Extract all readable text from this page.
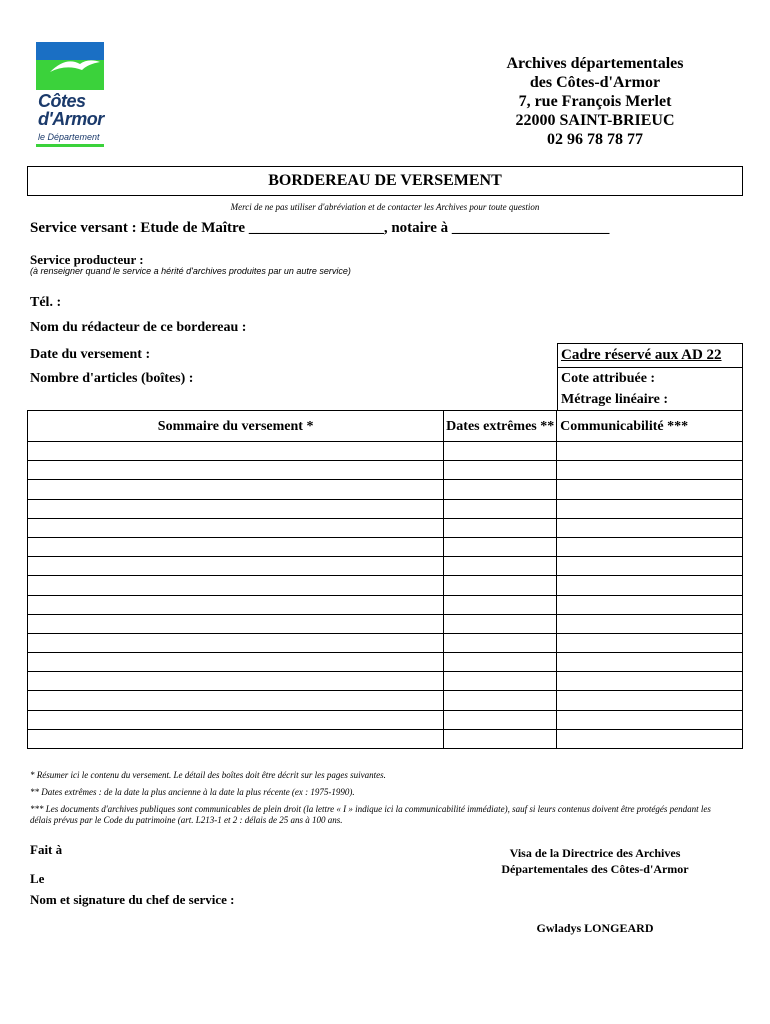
Côtes
d'Armor
le Département
Archives départementales
des Côtes-d'Armor
7, rue François Merlet
22000 SAINT-BRIEUC
02 96 78 78 77
BORDEREAU DE VERSEMENT
Merci de ne pas utiliser d'abréviation et de contacter les Archives pour toute question
Service versant : Etude de Maître __________________, notaire à _____________________
Service producteur :
(à renseigner quand le service a hérité d'archives produites par un autre service)
Tél. :
Nom du rédacteur de ce bordereau :
Date du versement :
Nombre d'articles (boîtes) :
Cadre réservé aux AD 22
Cote attribuée :
Métrage linéaire :
Sommaire du versement *	Dates extrêmes **	Communicabilité ***

* Résumer ici le contenu du versement. Le détail des boîtes doit être décrit sur les pages suivantes.
** Dates extrêmes : de la date la plus ancienne à la date la plus récente (ex : 1975-1990).
*** Les documents d'archives publiques sont communicables de plein droit (la lettre « I » indique ici la communicabilité immédiate), sauf si leurs contenus doivent être protégés pendant les délais prévus par le Code du patrimoine (art. L213-1 et 2 : délais de 25 ans à 100 ans.
Fait à
Le
Nom et signature du chef de service :
Visa de la Directrice des Archives
Départementales des Côtes-d'Armor
Gwladys LONGEARD
